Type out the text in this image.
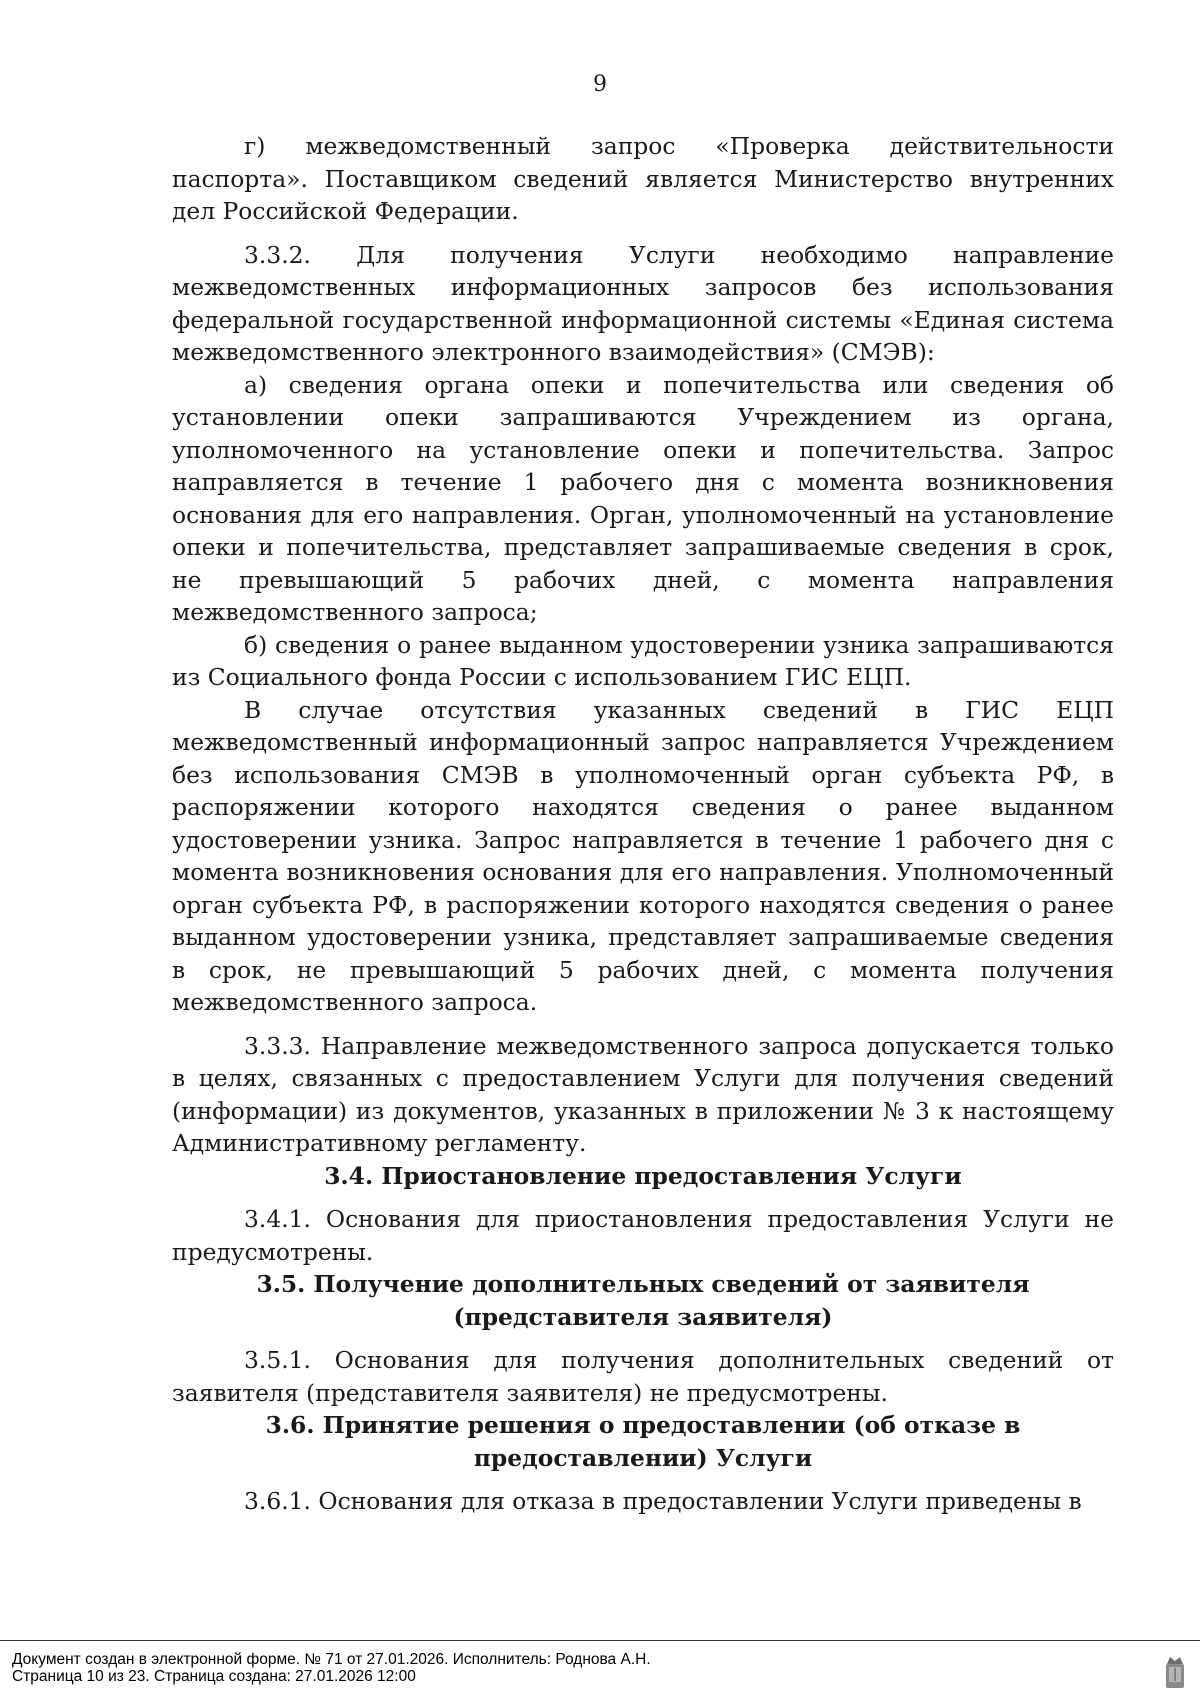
9

г) межведомственный запрос «Проверка действительности паспорта». Поставщиком сведений является Министерство внутренних дел Российской Федерации.

3.3.2. Для получения Услуги необходимо направление межведомственных информационных запросов без использования федеральной государственной информационной системы «Единая система межведомственного электронного взаимодействия» (СМЭВ):

а) сведения органа опеки и попечительства или сведения об установлении опеки запрашиваются Учреждением из органа, уполномоченного на установление опеки и попечительства. Запрос направляется в течение 1 рабочего дня с момента возникновения основания для его направления. Орган, уполномоченный на установление опеки и попечительства, представляет запрашиваемые сведения в срок, не превышающий 5 рабочих дней, с момента направления межведомственного запроса;

б) сведения о ранее выданном удостоверении узника запрашиваются из Социального фонда России с использованием ГИС ЕЦП.

В случае отсутствия указанных сведений в ГИС ЕЦП межведомственный информационный запрос направляется Учреждением без использования СМЭВ в уполномоченный орган субъекта РФ, в распоряжении которого находятся сведения о ранее выданном удостоверении узника. Запрос направляется в течение 1 рабочего дня с момента возникновения основания для его направления. Уполномоченный орган субъекта РФ, в распоряжении которого находятся сведения о ранее выданном удостоверении узника, представляет запрашиваемые сведения в срок, не превышающий 5 рабочих дней, с момента получения межведомственного запроса.

3.3.3. Направление межведомственного запроса допускается только в целях, связанных с предоставлением Услуги для получения сведений (информации) из документов, указанных в приложении № 3 к настоящему Административному регламенту.

3.4. Приостановление предоставления Услуги

3.4.1. Основания для приостановления предоставления Услуги не предусмотрены.

3.5. Получение дополнительных сведений от заявителя (представителя заявителя)

3.5.1. Основания для получения дополнительных сведений от заявителя (представителя заявителя) не предусмотрены.

3.6. Принятие решения о предоставлении (об отказе в предоставлении) Услуги

3.6.1. Основания для отказа в предоставлении Услуги приведены в

Документ создан в электронной форме. № 71 от 27.01.2026. Исполнитель: Роднова А.Н.
Страница 10 из 23. Страница создана: 27.01.2026 12:00
